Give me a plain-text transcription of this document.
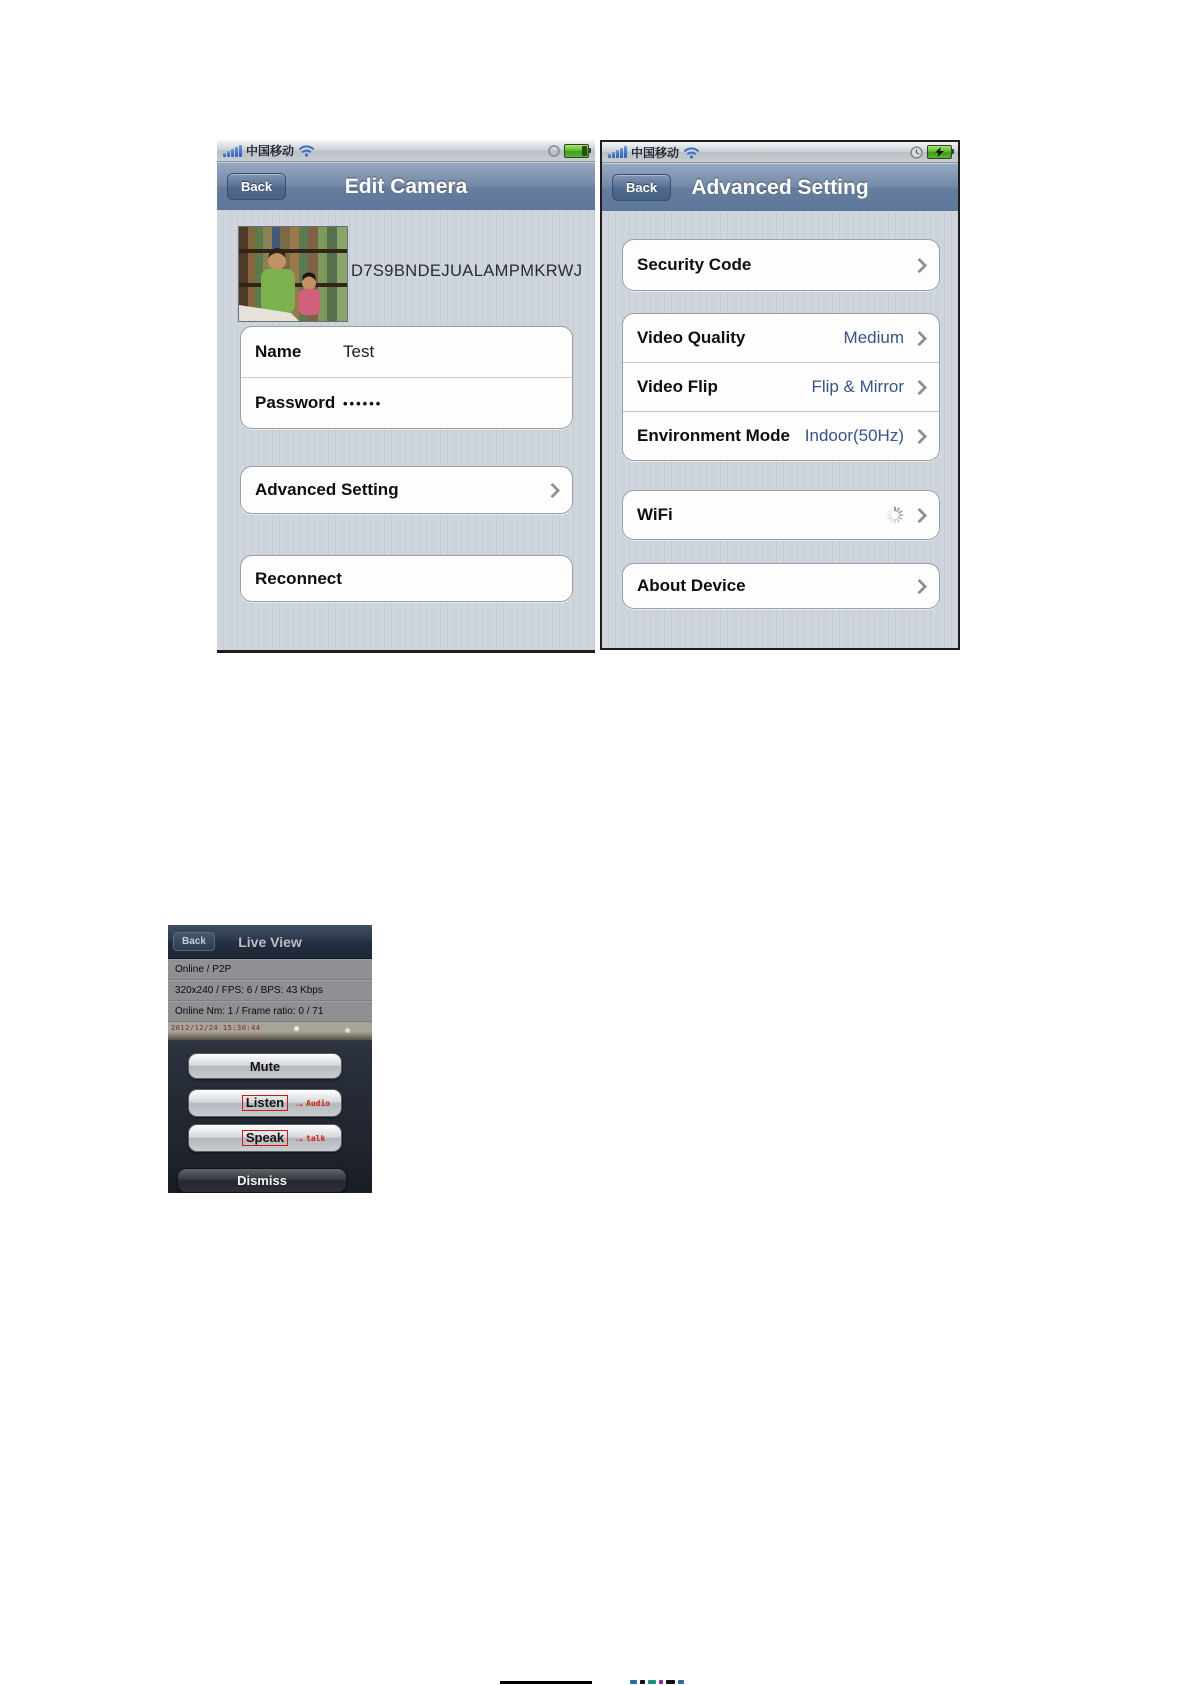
中国移动
Edit Camera
Back
D7S9BNDEJUALAMPMKRWJ
Name	Test
Password ••••••
Advanced Setting
Reconnect
中国移动
Advanced Setting
Back
Security Code
Video Quality	Medium
Video Flip	Flip & Mirror
Environment Mode Indoor(50Hz)
WiFi
About Device
Live View
Back
Online / P2P
320x240 / FPS: 6 / BPS: 43 Kbps
Online Nm: 1 / Frame ratio: 0 / 71
2012/12/24 15:30:44
Mute
Listen → Audio
Speak → talk
Dismiss
